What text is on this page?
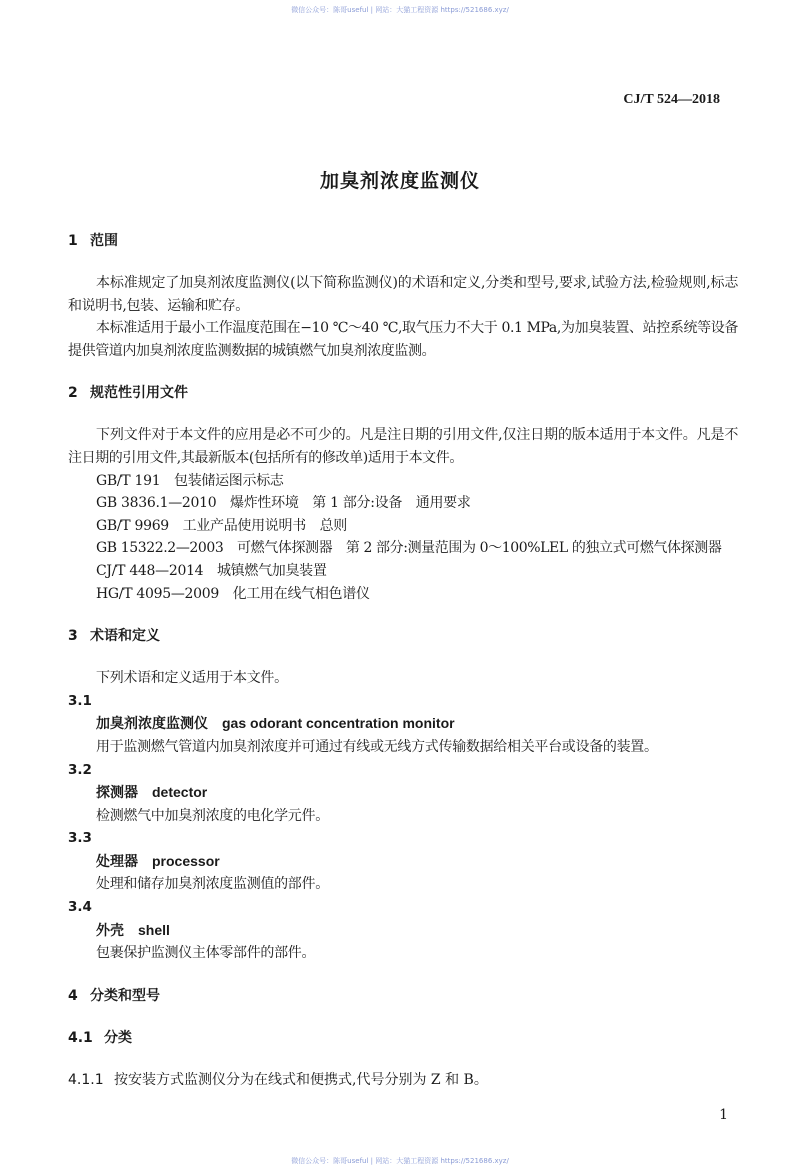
微信公众号：陈哥useful | 网站：大猫工程资源 https://521686.xyz/
CJ/T 524—2018
加臭剂浓度监测仪
1 范围
本标准规定了加臭剂浓度监测仪(以下简称监测仪)的术语和定义,分类和型号,要求,试验方法,检验规则,标志和说明书,包装、运输和贮存。
本标准适用于最小工作温度范围在−10 ℃～40 ℃,取气压力不大于 0.1 MPa,为加臭装置、站控系统等设备提供管道内加臭剂浓度监测数据的城镇燃气加臭剂浓度监测。
2 规范性引用文件
下列文件对于本文件的应用是必不可少的。凡是注日期的引用文件,仅注日期的版本适用于本文件。凡是不注日期的引用文件,其最新版本(包括所有的修改单)适用于本文件。
GB/T 191　包装储运图示标志
GB 3836.1—2010　爆炸性环境　第 1 部分:设备　通用要求
GB/T 9969　工业产品使用说明书　总则
GB 15322.2—2003　可燃气体探测器　第 2 部分:测量范围为 0～100%LEL 的独立式可燃气体探测器
CJ/T 448—2014　城镇燃气加臭装置
HG/T 4095—2009　化工用在线气相色谱仪
3 术语和定义
下列术语和定义适用于本文件。
3.1
加臭剂浓度监测仪 gas odorant concentration monitor
用于监测燃气管道内加臭剂浓度并可通过有线或无线方式传输数据给相关平台或设备的装置。
3.2
探测器 detector
检测燃气中加臭剂浓度的电化学元件。
3.3
处理器 processor
处理和储存加臭剂浓度监测值的部件。
3.4
外壳 shell
包裹保护监测仪主体零部件的部件。
4 分类和型号
4.1 分类
4.1.1 按安装方式监测仪分为在线式和便携式,代号分别为 Z 和 B。
1
微信公众号：陈哥useful | 网站：大猫工程资源 https://521686.xyz/
